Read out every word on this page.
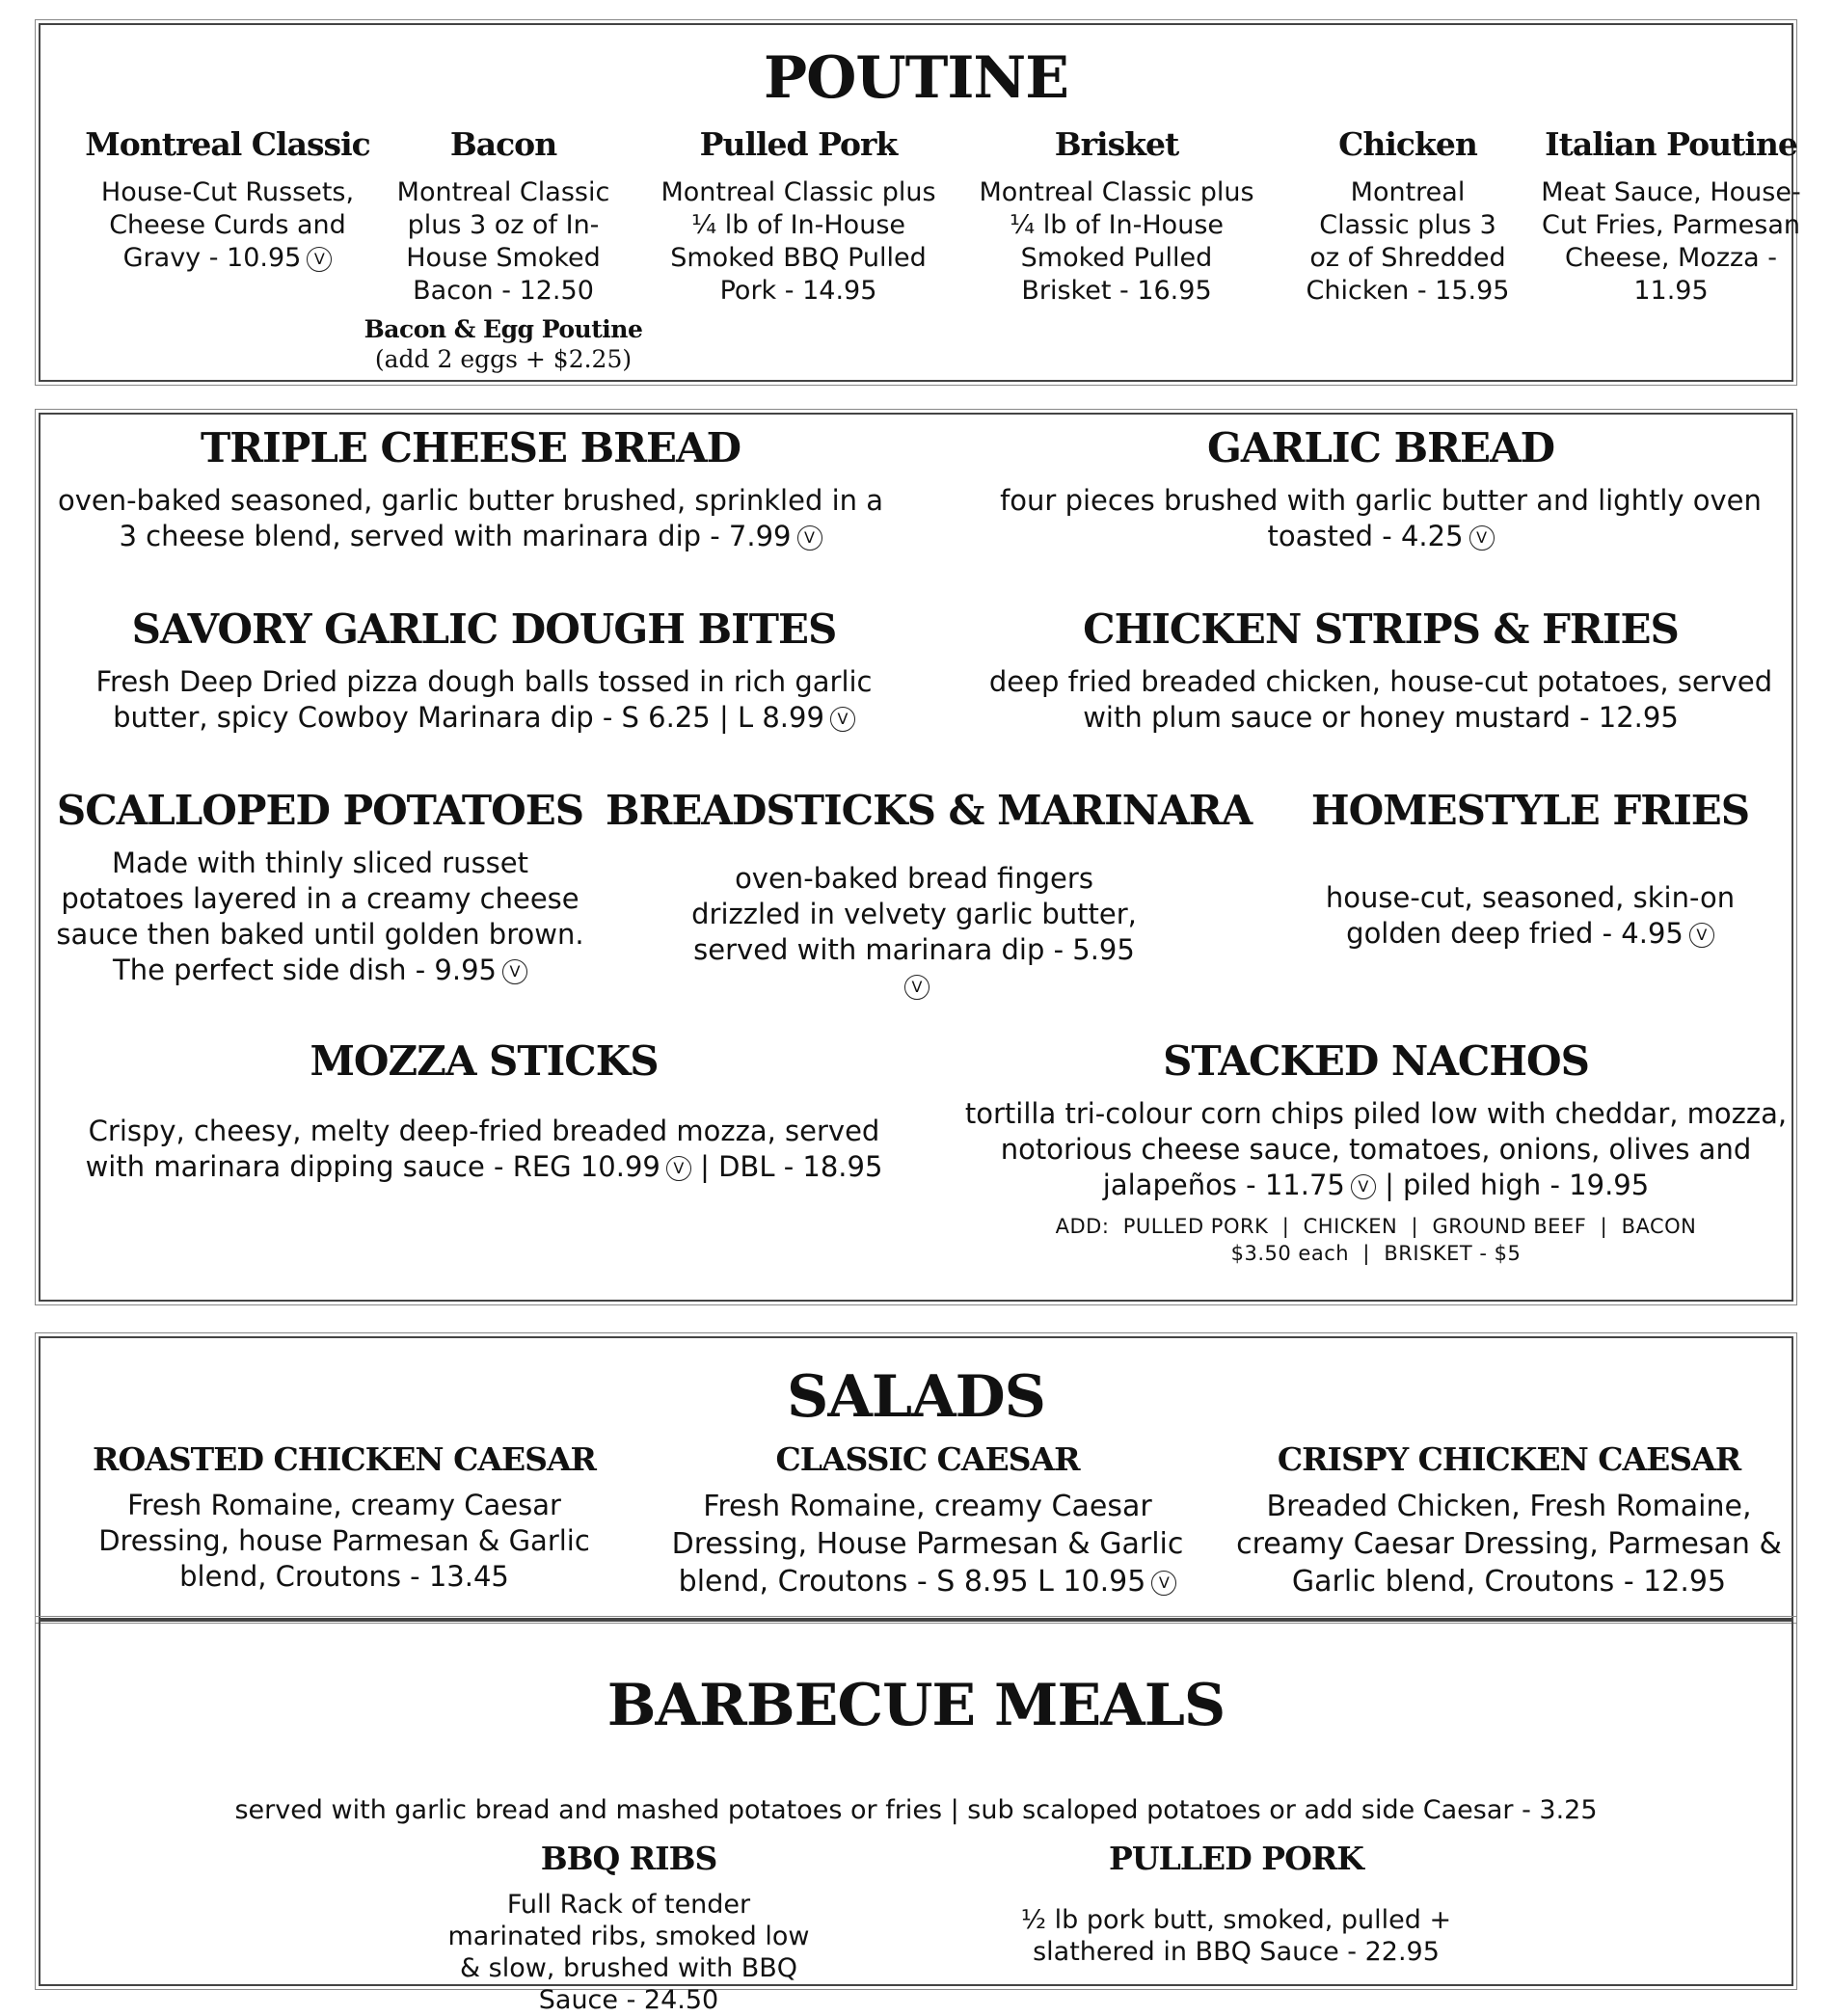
POUTINE
Montreal Classic
House-Cut Russets, Cheese Curds and Gravy - 10.95 V
Bacon
Montreal Classic plus 3 oz of In-House Smoked Bacon - 12.50
Bacon & Egg Poutine
(add 2 eggs + $2.25)
Pulled Pork
Montreal Classic plus ¼ lb of In-House Smoked BBQ Pulled Pork - 14.95
Brisket
Montreal Classic plus ¼ lb of In-House Smoked Pulled Brisket - 16.95
Chicken
Montreal Classic plus 3 oz of Shredded Chicken - 15.95
Italian Poutine
Meat Sauce, House-Cut Fries, Parmesan Cheese, Mozza - 11.95
TRIPLE CHEESE BREAD
oven-baked seasoned, garlic butter brushed, sprinkled in a 3 cheese blend, served with marinara dip - 7.99 V
GARLIC BREAD
four pieces brushed with garlic butter and lightly oven toasted - 4.25 V
SAVORY GARLIC DOUGH BITES
Fresh Deep Dried pizza dough balls tossed in rich garlic butter, spicy Cowboy Marinara dip - S 6.25 | L 8.99 V
CHICKEN STRIPS & FRIES
deep fried breaded chicken, house-cut potatoes, served with plum sauce or honey mustard - 12.95
SCALLOPED POTATOES
Made with thinly sliced russet potatoes layered in a creamy cheese sauce then baked until golden brown. The perfect side dish - 9.95 V
BREADSTICKS & MARINARA
oven-baked bread fingers drizzled in velvety garlic butter, served with marinara dip - 5.95V
HOMESTYLE FRIES
house-cut, seasoned, skin-on golden deep fried - 4.95 V
MOZZA STICKS
Crispy, cheesy, melty deep-fried breaded mozza, served with marinara dipping sauce - REG 10.99 V | DBL - 18.95
STACKED NACHOS
tortilla tri-colour corn chips piled low with cheddar, mozza, notorious cheese sauce, tomatoes, onions, olives and jalapeños - 11.75 V | piled high - 19.95
ADD:  PULLED PORK  |  CHICKEN  |  GROUND BEEF  |  BACON
$3.50 each  |  BRISKET - $5
SALADS
ROASTED CHICKEN CAESAR
Fresh Romaine, creamy Caesar Dressing, house Parmesan & Garlic blend, Croutons - 13.45
CLASSIC CAESAR
Fresh Romaine, creamy Caesar Dressing, House Parmesan & Garlic blend, Croutons - S 8.95 L 10.95 V
CRISPY CHICKEN CAESAR
Breaded Chicken, Fresh Romaine, creamy Caesar Dressing, Parmesan & Garlic blend, Croutons - 12.95
BARBECUE MEALS
served with garlic bread and mashed potatoes or fries | sub scaloped potatoes or add side Caesar - 3.25
BBQ RIBS
Full Rack of tender marinated ribs, smoked low & slow, brushed with BBQ Sauce - 24.50
PULLED PORK
½ lb pork butt, smoked, pulled + slathered in BBQ Sauce - 22.95
